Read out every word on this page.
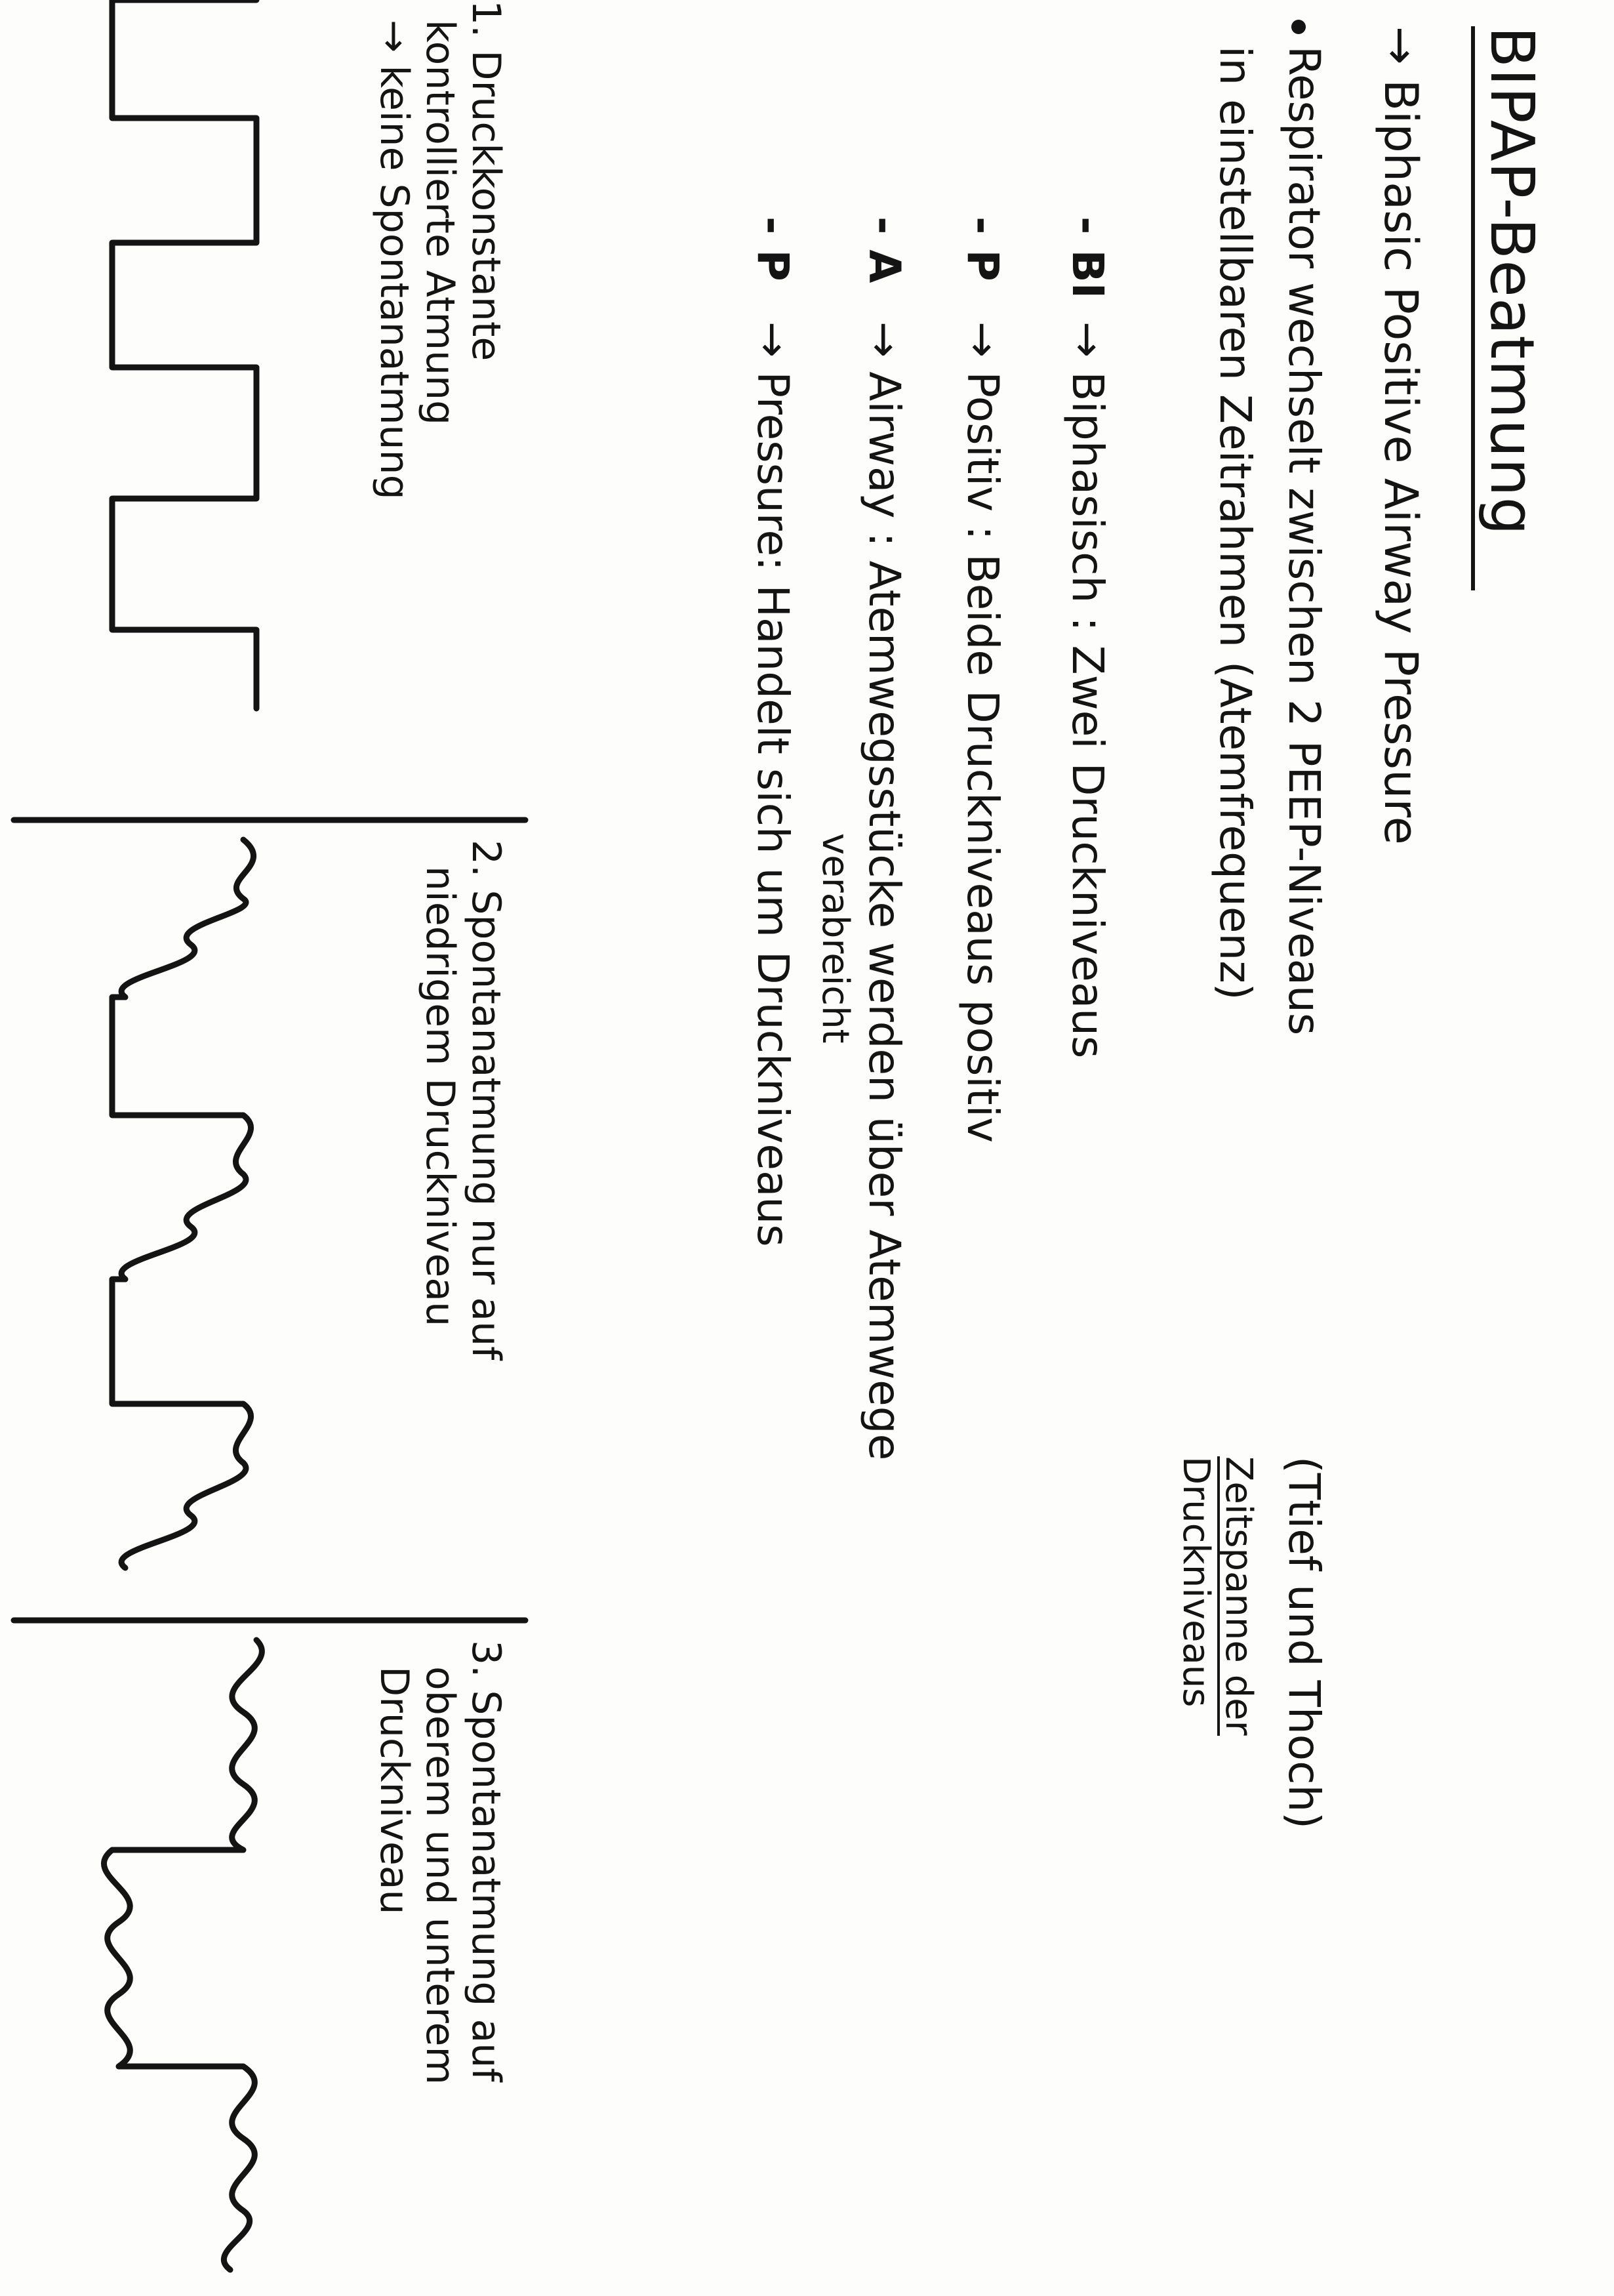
BIPAP-Beatmung
→ Biphasic Positive Airway Pressure
Respirator wechselt zwischen 2 PEEP-Niveaus
in einstellbaren Zeitrahmen (Atemfrequenz)
(Ttief und Thoch)
Zeitspanne der
Druckniveaus
- BI
→ Biphasisch : Zwei Druckniveaus
- P
→ Positiv : Beide Druckniveaus positiv
- A
→ Airway : Atemwegsstücke werden über Atemwege
verabreicht
- P
→ Pressure: Handelt sich um Druckniveaus
1. Druckkonstante
kontrollierte Atmung
→ keine Spontanatmung
2. Spontanatmung nur auf
niedrigem Druckniveau
3. Spontanatmung auf
oberem und unterem
Druckniveau
